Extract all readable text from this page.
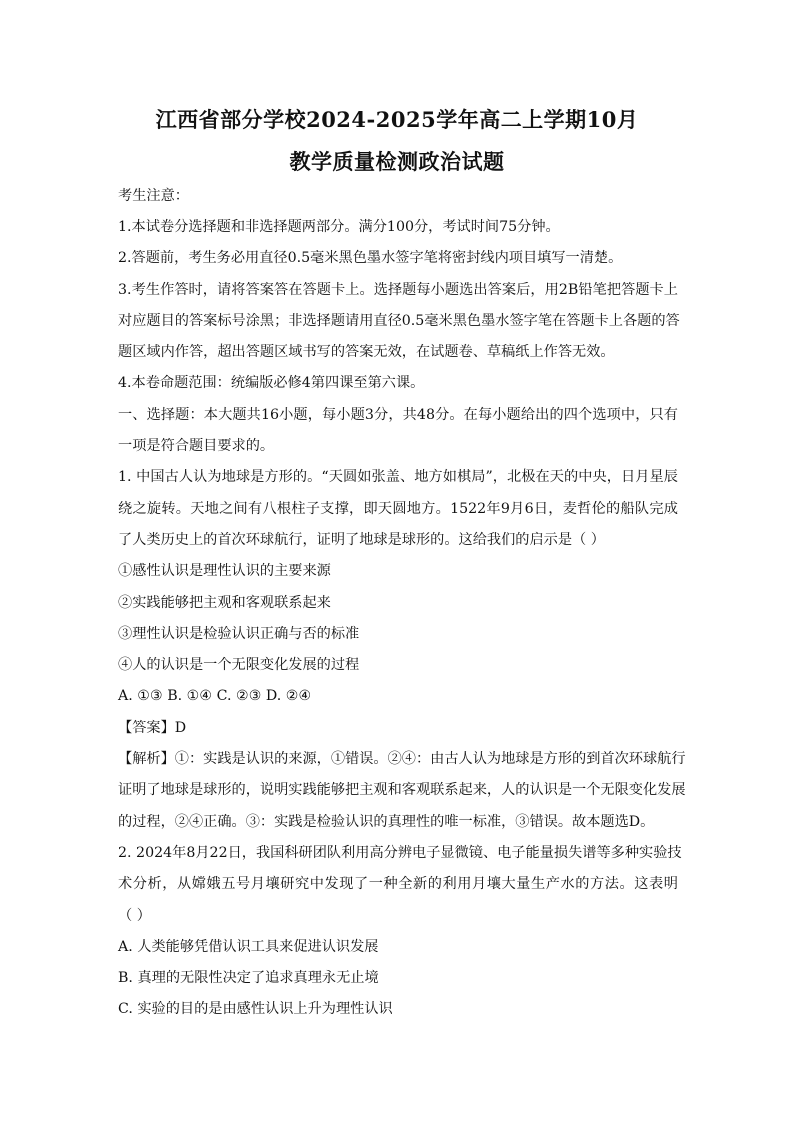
江西省部分学校2024-2025学年高二上学期10月
教学质量检测政治试题
考生注意：
1.本试卷分选择题和非选择题两部分。满分100分，考试时间75分钟。
2.答题前，考生务必用直径0.5毫米黑色墨水签字笔将密封线内项目填写一清楚。
3.考生作答时，请将答案答在答题卡上。选择题每小题选出答案后，用2B铅笔把答题卡上
对应题目的答案标号涂黑；非选择题请用直径0.5毫米黑色墨水签字笔在答题卡上各题的答
题区域内作答，超出答题区域书写的答案无效，在试题卷、草稿纸上作答无效。
4.本卷命题范围：统编版必修4第四课至第六课。
一、选择题：本大题共16小题，每小题3分，共48分。在每小题给出的四个选项中，只有
一项是符合题目要求的。
1. 中国古人认为地球是方形的。“天圆如张盖、地方如棋局”，北极在天的中央，日月星辰
绕之旋转。天地之间有八根柱子支撑，即天圆地方。1522年9月6日，麦哲伦的船队完成
了人类历史上的首次环球航行，证明了地球是球形的。这给我们的启示是（ ）
①感性认识是理性认识的主要来源
②实践能够把主观和客观联系起来
③理性认识是检验认识正确与否的标准
④人的认识是一个无限变化发展的过程
A. ①③ B. ①④ C. ②③ D. ②④
【答案】D
【解析】①：实践是认识的来源，①错误。②④：由古人认为地球是方形的到首次环球航行
证明了地球是球形的，说明实践能够把主观和客观联系起来，人的认识是一个无限变化发展
的过程，②④正确。③：实践是检验认识的真理性的唯一标准，③错误。故本题选D。
2. 2024年8月22日，我国科研团队利用高分辨电子显微镜、电子能量损失谱等多种实验技
术分析，从嫦娥五号月壤研究中发现了一种全新的利用月壤大量生产水的方法。这表明
（ ）
A. 人类能够凭借认识工具来促进认识发展
B. 真理的无限性决定了追求真理永无止境
C. 实验的目的是由感性认识上升为理性认识
